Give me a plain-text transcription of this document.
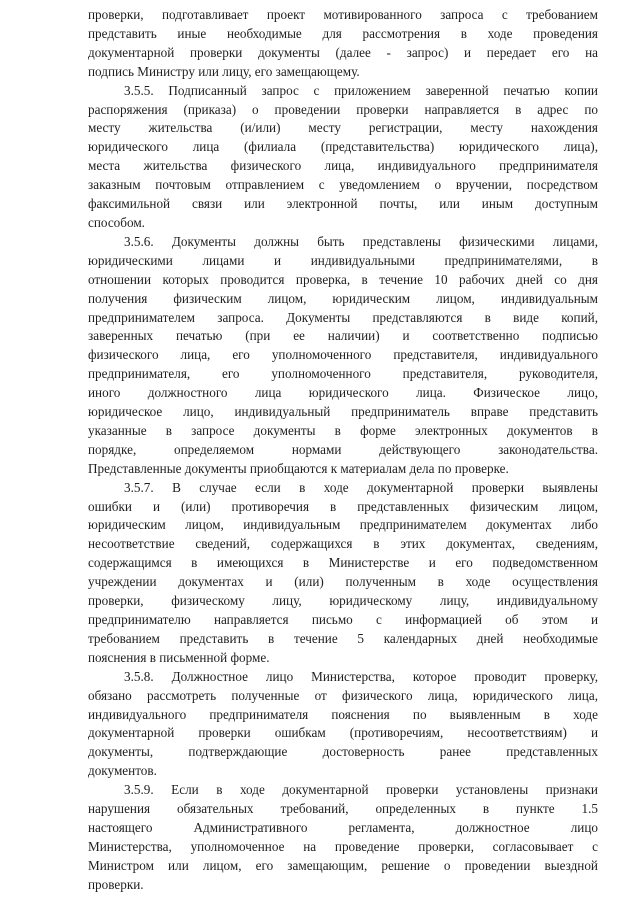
проверки, подготавливает проект мотивированного запроса с требованием
представить иные необходимые для рассмотрения в ходе проведения
документарной проверки документы (далее - запрос) и передает его на
подпись Министру или лицу, его замещающему.
3.5.5. Подписанный запрос с приложением заверенной печатью копии
распоряжения (приказа) о проведении проверки направляется в адрес по
месту жительства (и/или) месту регистрации, месту нахождения
юридического лица (филиала (представительства) юридического лица),
места жительства физического лица, индивидуального предпринимателя
заказным почтовым отправлением с уведомлением о вручении, посредством
факсимильной связи или электронной почты, или иным доступным
способом.
3.5.6. Документы должны быть представлены физическими лицами,
юридическими лицами и индивидуальными предпринимателями, в
отношении которых проводится проверка, в течение 10 рабочих дней со дня
получения физическим лицом, юридическим лицом, индивидуальным
предпринимателем запроса. Документы представляются в виде копий,
заверенных печатью (при ее наличии) и соответственно подписью
физического лица, его уполномоченного представителя, индивидуального
предпринимателя, его уполномоченного представителя, руководителя,
иного должностного лица юридического лица. Физическое лицо,
юридическое лицо, индивидуальный предприниматель вправе представить
указанные в запросе документы в форме электронных документов в
порядке, определяемом нормами действующего законодательства.
Представленные документы приобщаются к материалам дела по проверке.
3.5.7. В случае если в ходе документарной проверки выявлены
ошибки и (или) противоречия в представленных физическим лицом,
юридическим лицом, индивидуальным предпринимателем документах либо
несоответствие сведений, содержащихся в этих документах, сведениям,
содержащимся в имеющихся в Министерстве и его подведомственном
учреждении документах и (или) полученным в ходе осуществления
проверки, физическому лицу, юридическому лицу, индивидуальному
предпринимателю направляется письмо с информацией об этом и
требованием представить в течение 5 календарных дней необходимые
пояснения в письменной форме.
3.5.8. Должностное лицо Министерства, которое проводит проверку,
обязано рассмотреть полученные от физического лица, юридического лица,
индивидуального предпринимателя пояснения по выявленным в ходе
документарной проверки ошибкам (противоречиям, несоответствиям) и
документы, подтверждающие достоверность ранее представленных
документов.
3.5.9. Если в ходе документарной проверки установлены признаки
нарушения обязательных требований, определенных в пункте 1.5
настоящего Административного регламента, должностное лицо
Министерства, уполномоченное на проведение проверки, согласовывает с
Министром или лицом, его замещающим, решение о проведении выездной
проверки.
